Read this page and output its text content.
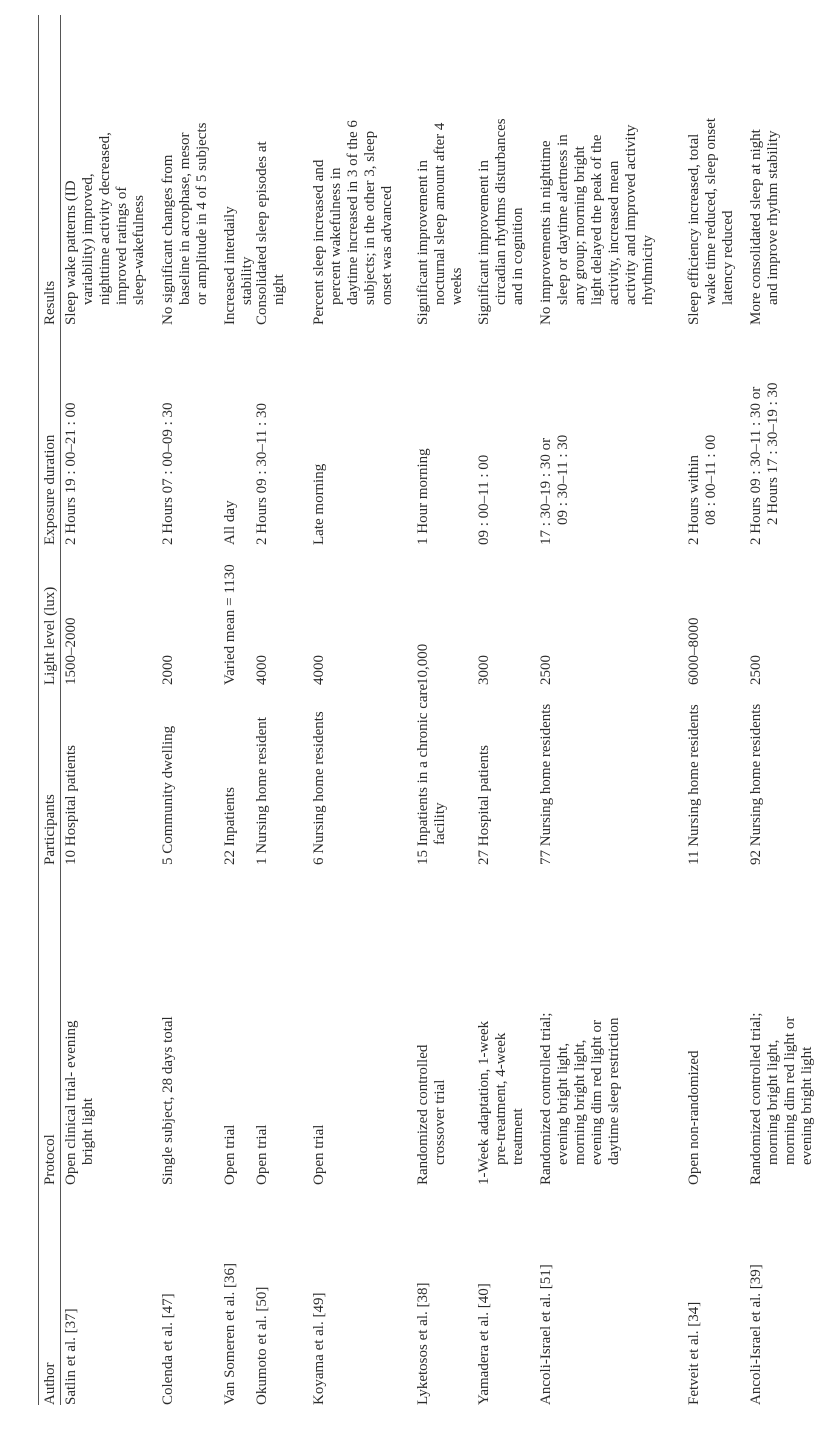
Author
Protocol
Participants
Light level (lux)
Exposure duration
Results
Satlin et al. [37]
Open clinical trial- evening bright light
10 Hospital patients
1500–2000
2 Hours 19 : 00–21 : 00
Sleep wake patterns (ID variability) improved, nighttime activity decreased, improved ratings of sleep-wakefulness
Colenda et al. [47]
Single subject, 28 days total
5 Community dwelling
2000
2 Hours 07 : 00–09 : 30
No significant changes from baseline in acrophase, mesor or amplitude in 4 of 5 subjects
Van Someren et al. [36]
Open trial
22 Inpatients
Varied mean = 1130
All day
Increased interdaily stability
Okumoto et al. [50]
Open trial
1 Nursing home resident
4000
2 Hours 09 : 30–11 : 30
Consolidated sleep episodes at night
Koyama et al. [49]
Open trial
6 Nursing home residents
4000
Late morning
Percent sleep increased and percent wakefulness in daytime increased in 3 of the 6 subjects; in the other 3, sleep onset was advanced
Lyketosos et al. [38]
Randomized controlled crossover trial
15 Inpatients in a chronic care facility
10,000
1 Hour morning
Significant improvement in nocturnal sleep amount after 4 weeks
Yamadera et al. [40]
1-Week adaptation, 1-week pre-treatment, 4-week treatment
27 Hospital patients
3000
09 : 00–11 : 00
Significant improvement in circadian rhythms disturbances and in cognition
Ancoli-Israel et al. [51]
Randomized controlled trial; evening bright light, morning bright light, evening dim red light or daytime sleep restriction
77 Nursing home residents
2500
17 : 30–19 : 30 or 09 : 30–11 : 30
No improvements in nighttime sleep or daytime alertness in any group; morning bright light delayed the peak of the activity, increased mean activity and improved activity rhythmicity
Fetveit et al. [34]
Open non-randomized
11 Nursing home residents
6000–8000
2 Hours within 08 : 00–11 : 00
Sleep efficiency increased, total wake time reduced, sleep onset latency reduced
Ancoli-Israel et al. [39]
Randomized controlled trial; morning bright light, morning dim red light or evening bright light
92 Nursing home residents
2500
2 Hours 09 : 30–11 : 30 or 2 Hours 17 : 30–19 : 30
More consolidated sleep at night and improve rhythm stability
